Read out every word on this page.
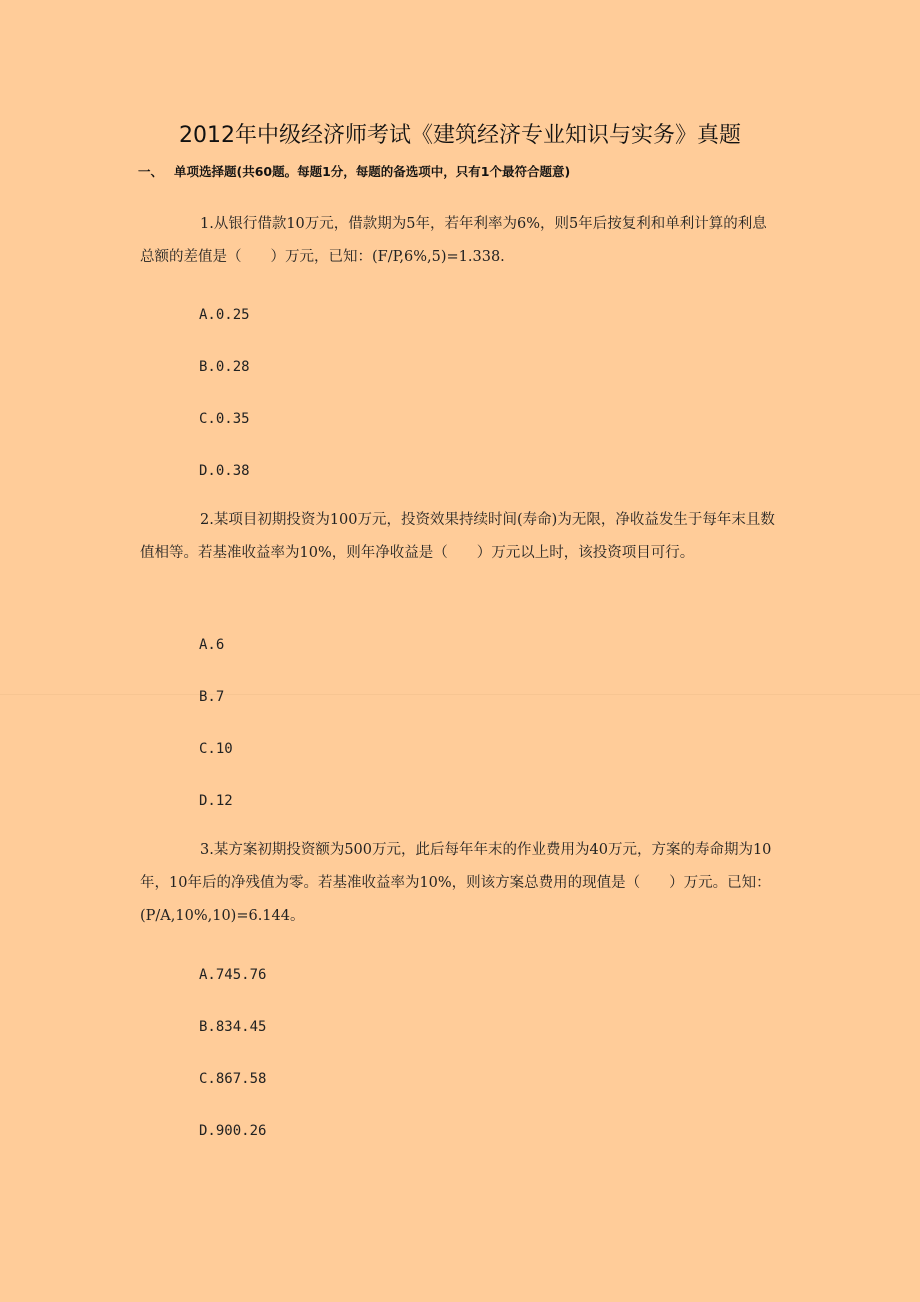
2012年中级经济师考试《建筑经济专业知识与实务》真题
一、 单项选择题(共60题。每题1分，每题的备选项中，只有1个最符合题意)
1.从银行借款10万元，借款期为5年，若年利率为6%，则5年后按复利和单利计算的利息总额的差值是（　　）万元，已知：(F/P,6%,5)=1.338.
A.0.25
B.0.28
C.0.35
D.0.38
2.某项目初期投资为100万元，投资效果持续时间(寿命)为无限，净收益发生于每年末且数值相等。若基准收益率为10%，则年净收益是（　　）万元以上时，该投资项目可行。
A.6
B.7
C.10
D.12
3.某方案初期投资额为500万元，此后每年年末的作业费用为40万元，方案的寿命期为10年，10年后的净残值为零。若基准收益率为10%，则该方案总费用的现值是（　　）万元。已知：(P/A,10%,10)=6.144。
A.745.76
B.834.45
C.867.58
D.900.26
